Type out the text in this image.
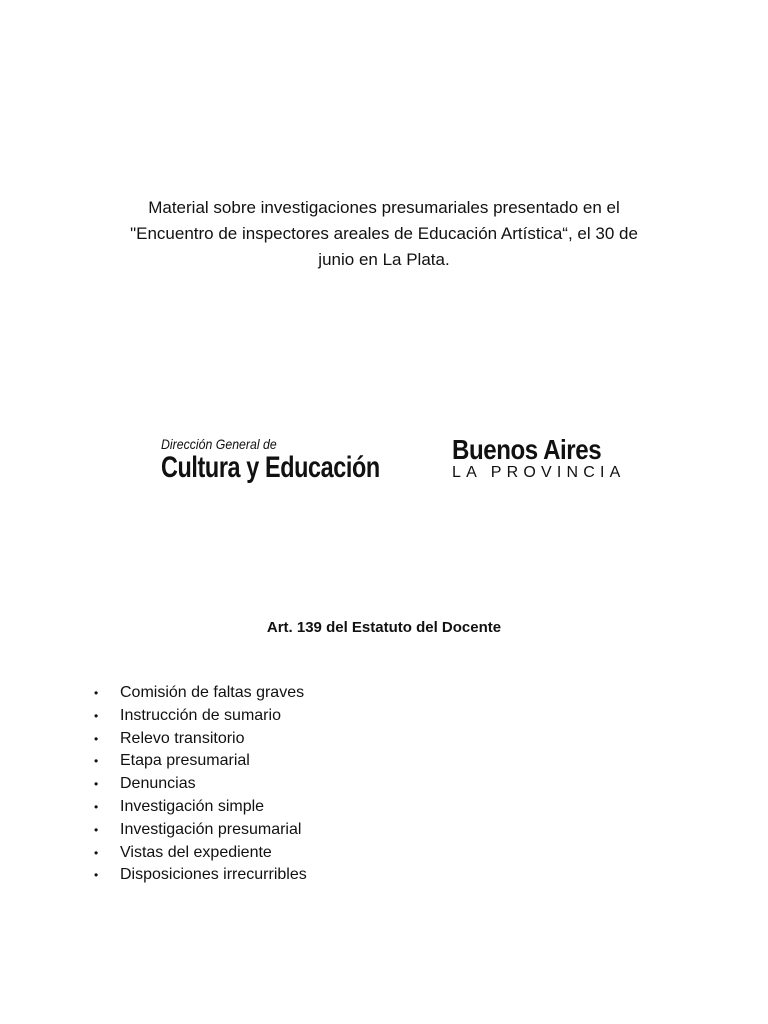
Material sobre investigaciones presumariales presentado en el
"Encuentro de inspectores areales de Educación Artística“, el 30 de
junio en La Plata.
Dirección General de
Cultura y Educación
Buenos Aires
LA PROVINCIA
Art. 139 del Estatuto del Docente
•	Comisión de faltas graves
•	Instrucción de sumario
•	Relevo transitorio
•	Etapa presumarial
•	Denuncias
•	Investigación simple
•	Investigación presumarial
•	Vistas del expediente
•	Disposiciones irrecurribles
